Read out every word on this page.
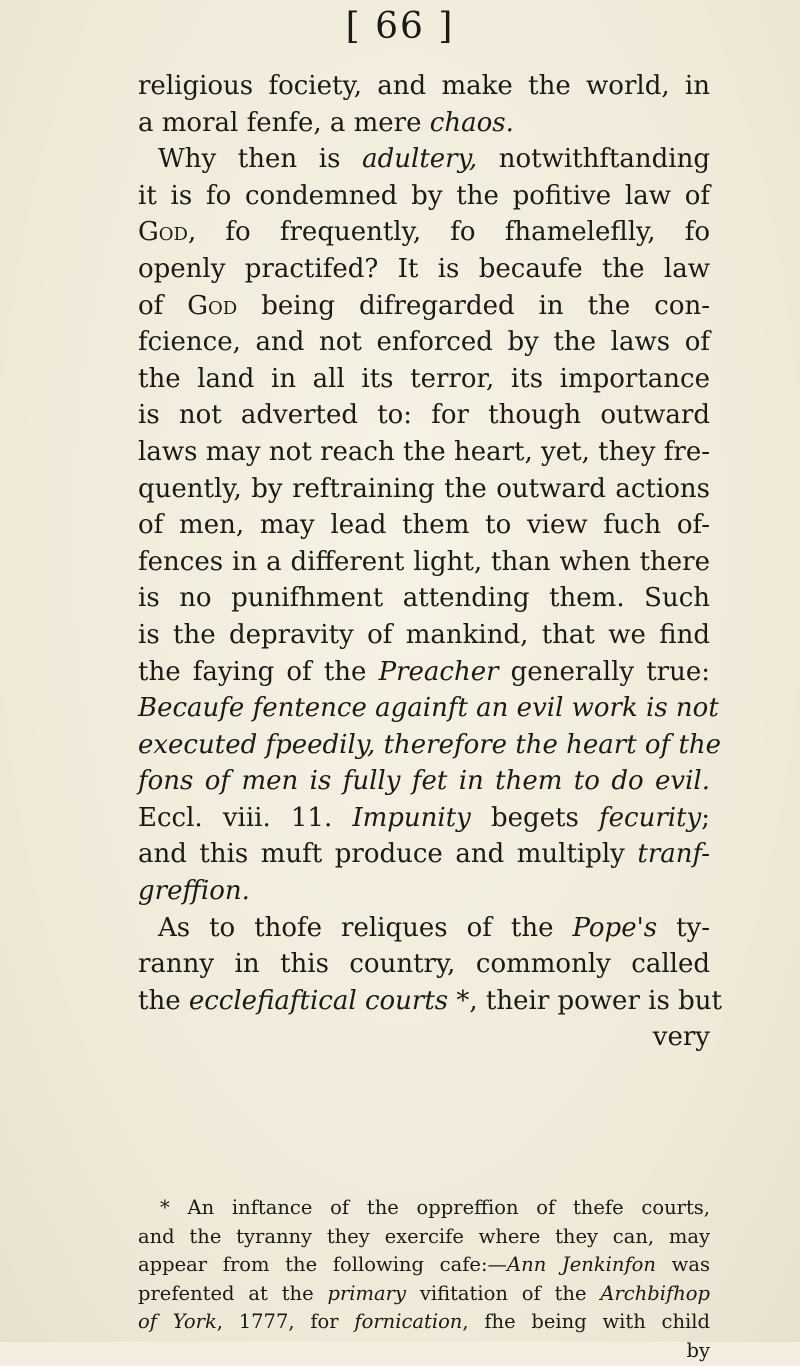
[ 66 ]
religious fociety, and make the world, in
a moral fenfe, a mere chaos.
Why then is adultery, notwithftanding
it is fo condemned by the pofitive law of
God, fo frequently, fo fhameleflly, fo
openly practifed? It is becaufe the law
of God being difregarded in the con-
fcience, and not enforced by the laws of
the land in all its terror, its importance
is not adverted to: for though outward
laws may not reach the heart, yet, they fre-
quently, by reftraining the outward actions
of men, may lead them to view fuch of-
fences in a different light, than when there
is no punifhment attending them. Such
is the depravity of mankind, that we find
the faying of the Preacher generally true:
Becaufe fentence againft an evil work is not
executed fpeedily, therefore the heart of the
fons of men is fully fet in them to do evil.
Eccl. viii. 11. Impunity begets fecurity;
and this muft produce and multiply tranf-
greffion.
As to thofe reliques of the Pope's ty-
ranny in this country, commonly called
the ecclefiaftical courts *, their power is but
very
* An inftance of the oppreffion of thefe courts,
and the tyranny they exercife where they can, may
appear from the following cafe:—Ann Jenkinfon was
prefented at the primary vifitation of the Archbifhop
of York, 1777, for fornication, fhe being with child
by
